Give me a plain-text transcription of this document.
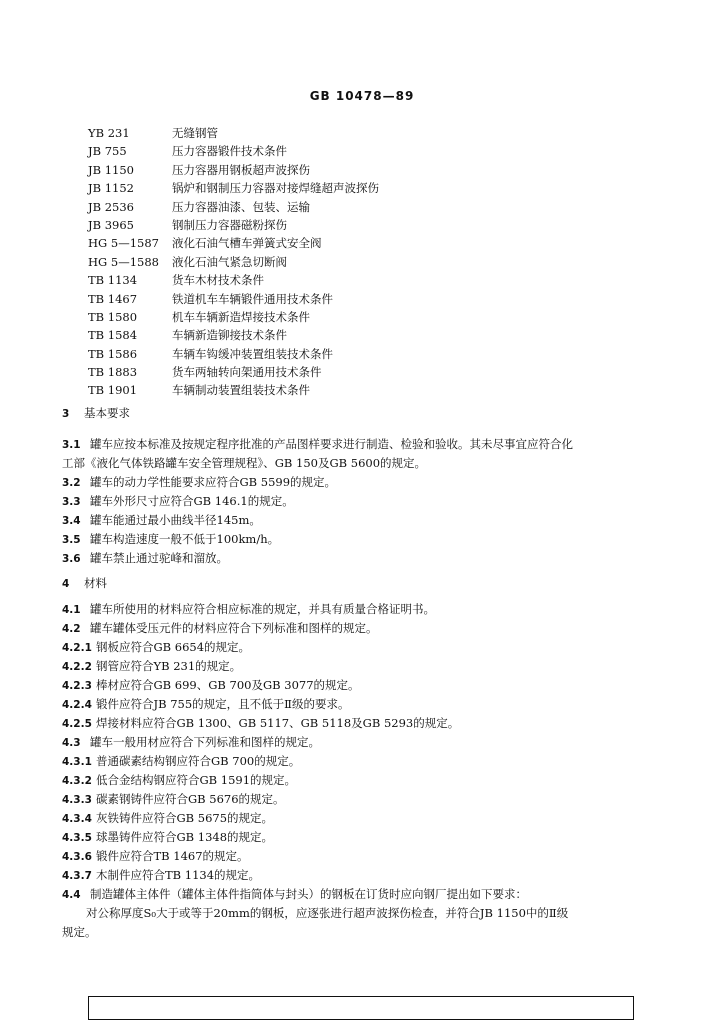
GB 10478—89
YB 231	无缝钢管
JB 755	压力容器锻件技术条件
JB 1150	压力容器用钢板超声波探伤
JB 1152	锅炉和钢制压力容器对接焊缝超声波探伤
JB 2536	压力容器油漆、包装、运输
JB 3965	钢制压力容器磁粉探伤
HG 5—1587	液化石油气槽车弹簧式安全阀
HG 5—1588	液化石油气紧急切断阀
TB 1134	货车木材技术条件
TB 1467	铁道机车车辆锻件通用技术条件
TB 1580	机车车辆新造焊接技术条件
TB 1584	车辆新造铆接技术条件
TB 1586	车辆车钩缓冲装置组装技术条件
TB 1883	货车两轴转向架通用技术条件
TB 1901	车辆制动装置组装技术条件
3 基本要求
3.1 罐车应按本标准及按规定程序批准的产品图样要求进行制造、检验和验收。其未尽事宜应符合化
工部《液化气体铁路罐车安全管理规程》、GB 150及GB 5600的规定。
3.2 罐车的动力学性能要求应符合GB 5599的规定。
3.3 罐车外形尺寸应符合GB 146.1的规定。
3.4 罐车能通过最小曲线半径145m。
3.5 罐车构造速度一般不低于100km/h。
3.6 罐车禁止通过驼峰和溜放。
4 材料
4.1 罐车所使用的材料应符合相应标准的规定，并具有质量合格证明书。
4.2 罐车罐体受压元件的材料应符合下列标准和图样的规定。
4.2.1 钢板应符合GB 6654的规定。
4.2.2 钢管应符合YB 231的规定。
4.2.3 棒材应符合GB 699、GB 700及GB 3077的规定。
4.2.4 锻件应符合JB 755的规定，且不低于Ⅱ级的要求。
4.2.5 焊接材料应符合GB 1300、GB 5117、GB 5118及GB 5293的规定。
4.3 罐车一般用材应符合下列标准和图样的规定。
4.3.1 普通碳素结构钢应符合GB 700的规定。
4.3.2 低合金结构钢应符合GB 1591的规定。
4.3.3 碳素钢铸件应符合GB 5676的规定。
4.3.4 灰铁铸件应符合GB 5675的规定。
4.3.5 球墨铸件应符合GB 1348的规定。
4.3.6 锻件应符合TB 1467的规定。
4.3.7 木制件应符合TB 1134的规定。
4.4 制造罐体主体件（罐体主体件指筒体与封头）的钢板在订货时应向钢厂提出如下要求：
对公称厚度S₀大于或等于20mm的钢板，应逐张进行超声波探伤检查，并符合JB 1150中的Ⅱ级
规定。
